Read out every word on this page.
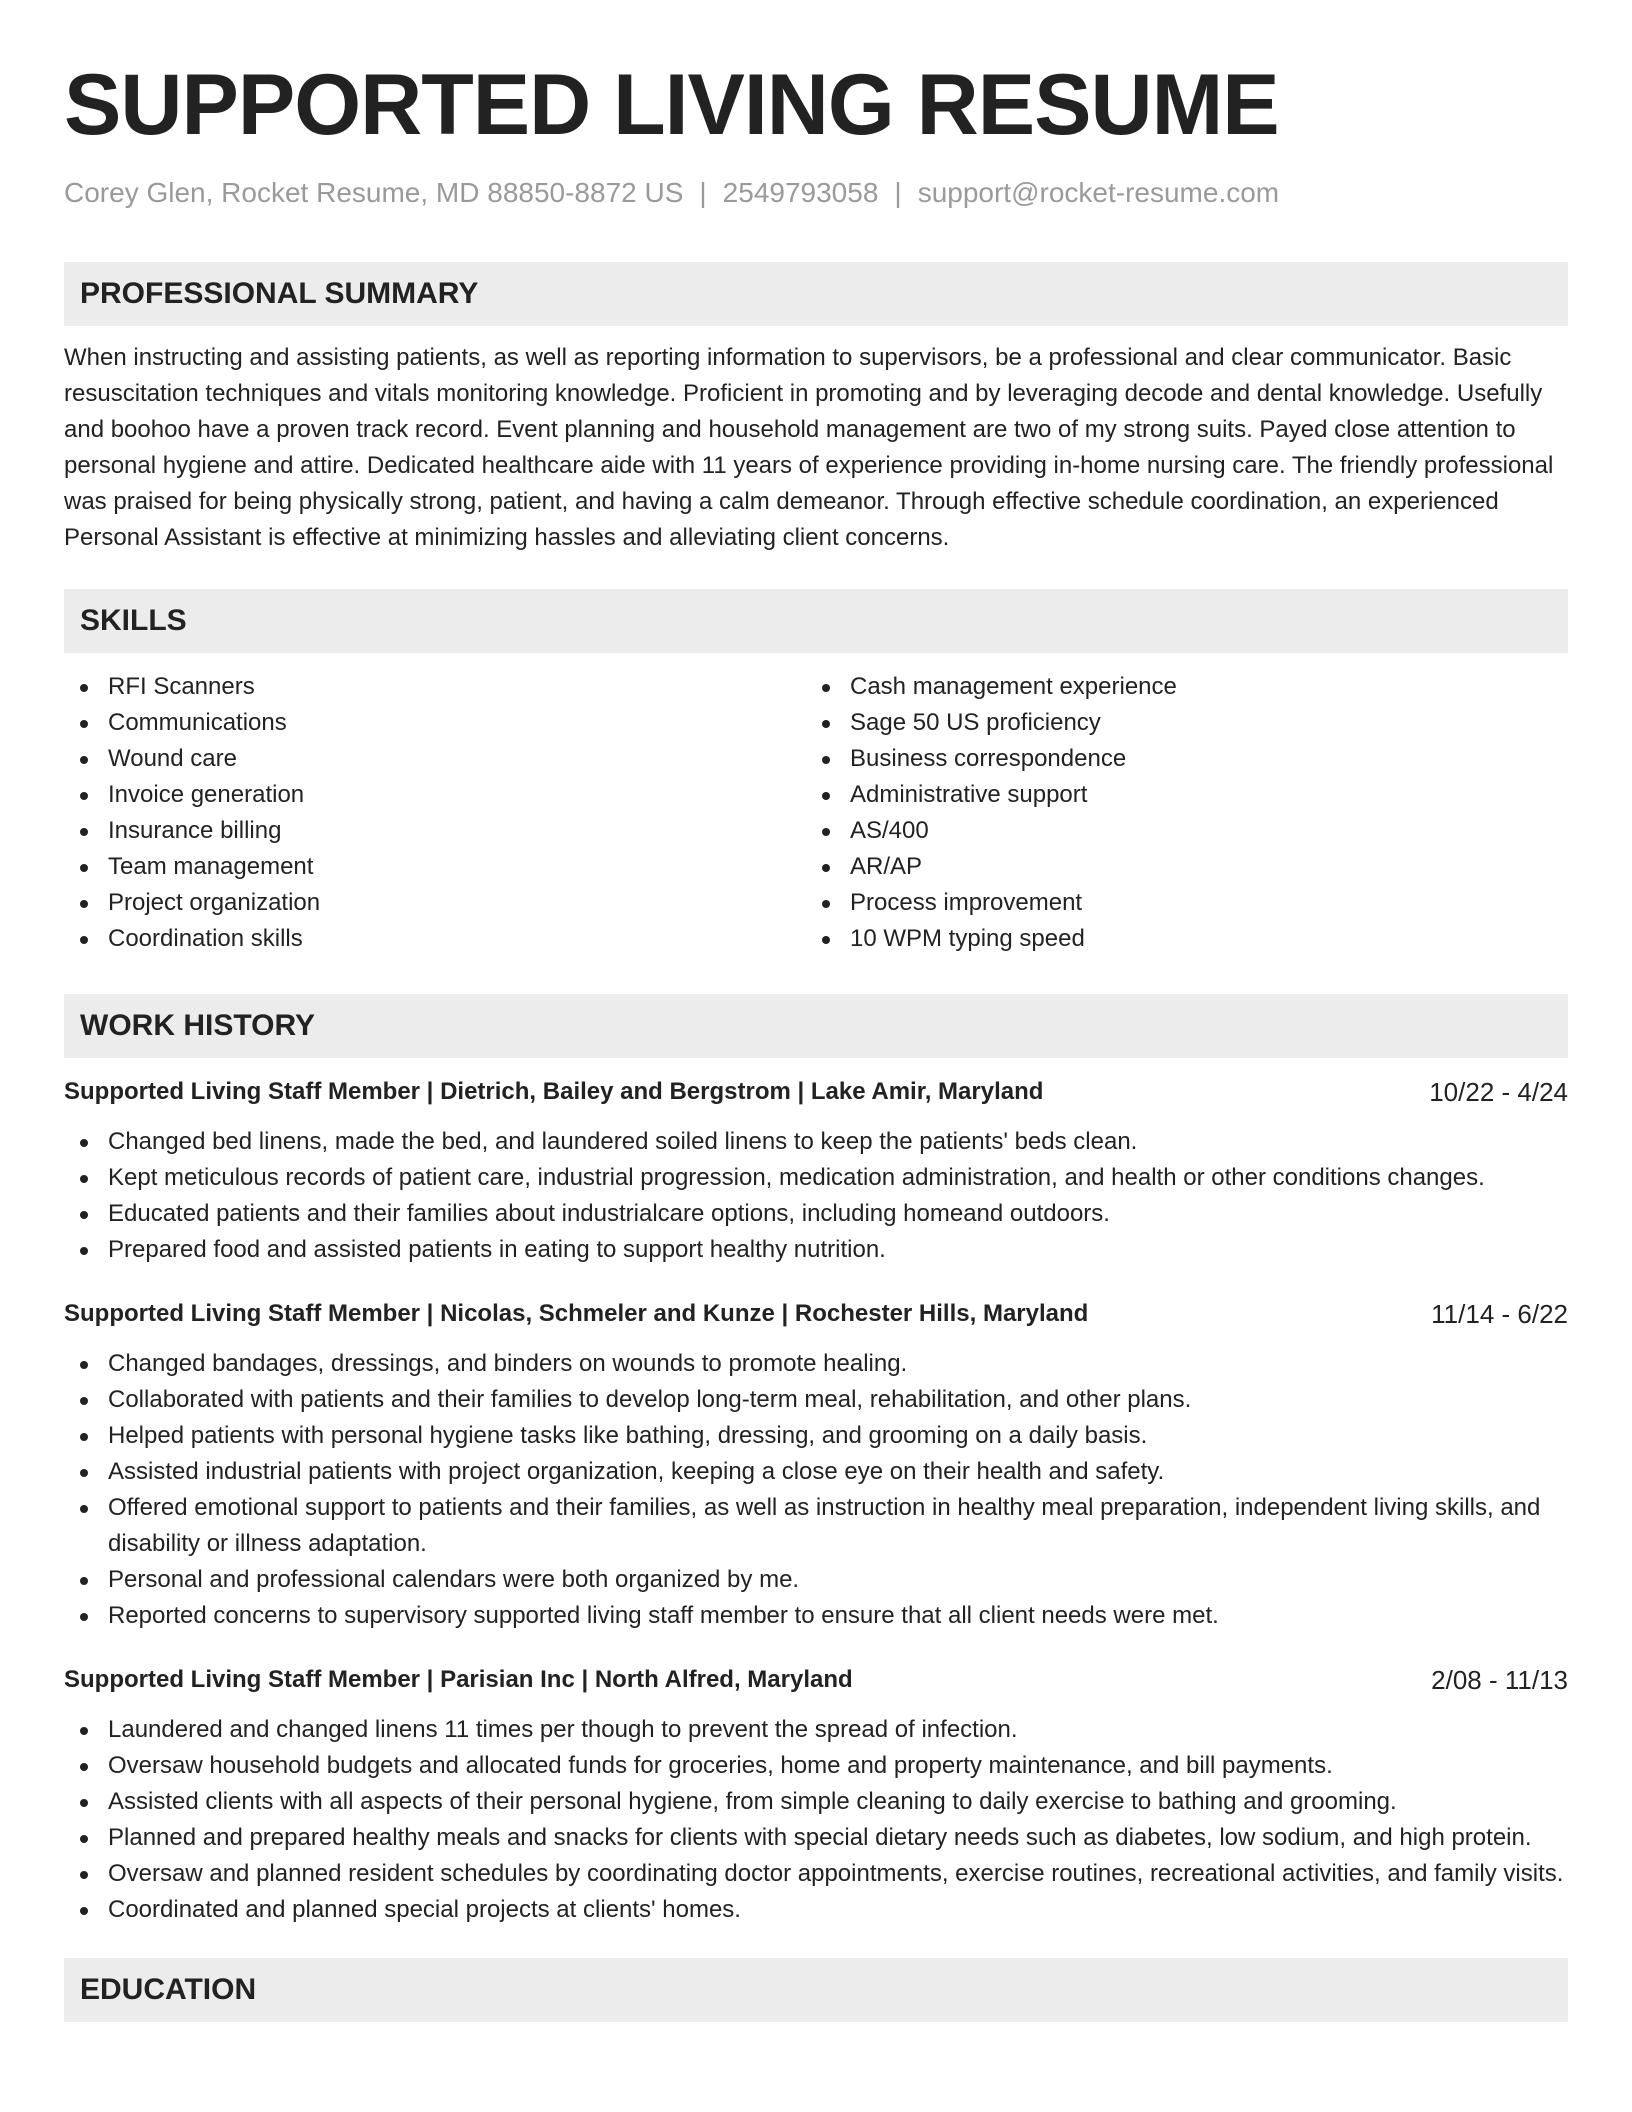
SUPPORTED LIVING RESUME
Corey Glen, Rocket Resume, MD 88850-8872 US | 2549793058 | support@rocket-resume.com
PROFESSIONAL SUMMARY
When instructing and assisting patients, as well as reporting information to supervisors, be a professional and clear communicator. Basic resuscitation techniques and vitals monitoring knowledge. Proficient in promoting and by leveraging decode and dental knowledge. Usefully and boohoo have a proven track record. Event planning and household management are two of my strong suits. Payed close attention to personal hygiene and attire. Dedicated healthcare aide with 11 years of experience providing in-home nursing care. The friendly professional was praised for being physically strong, patient, and having a calm demeanor. Through effective schedule coordination, an experienced Personal Assistant is effective at minimizing hassles and alleviating client concerns.
SKILLS
RFI Scanners
Communications
Wound care
Invoice generation
Insurance billing
Team management
Project organization
Coordination skills
Cash management experience
Sage 50 US proficiency
Business correspondence
Administrative support
AS/400
AR/AP
Process improvement
10 WPM typing speed
WORK HISTORY
Supported Living Staff Member | Dietrich, Bailey and Bergstrom | Lake Amir, Maryland	10/22 - 4/24
Changed bed linens, made the bed, and laundered soiled linens to keep the patients' beds clean.
Kept meticulous records of patient care, industrial progression, medication administration, and health or other conditions changes.
Educated patients and their families about industrialcare options, including homeand outdoors.
Prepared food and assisted patients in eating to support healthy nutrition.
Supported Living Staff Member | Nicolas, Schmeler and Kunze | Rochester Hills, Maryland	11/14 - 6/22
Changed bandages, dressings, and binders on wounds to promote healing.
Collaborated with patients and their families to develop long-term meal, rehabilitation, and other plans.
Helped patients with personal hygiene tasks like bathing, dressing, and grooming on a daily basis.
Assisted industrial patients with project organization, keeping a close eye on their health and safety.
Offered emotional support to patients and their families, as well as instruction in healthy meal preparation, independent living skills, and disability or illness adaptation.
Personal and professional calendars were both organized by me.
Reported concerns to supervisory supported living staff member to ensure that all client needs were met.
Supported Living Staff Member | Parisian Inc | North Alfred, Maryland	2/08 - 11/13
Laundered and changed linens 11 times per though to prevent the spread of infection.
Oversaw household budgets and allocated funds for groceries, home and property maintenance, and bill payments.
Assisted clients with all aspects of their personal hygiene, from simple cleaning to daily exercise to bathing and grooming.
Planned and prepared healthy meals and snacks for clients with special dietary needs such as diabetes, low sodium, and high protein.
Oversaw and planned resident schedules by coordinating doctor appointments, exercise routines, recreational activities, and family visits.
Coordinated and planned special projects at clients' homes.
EDUCATION
